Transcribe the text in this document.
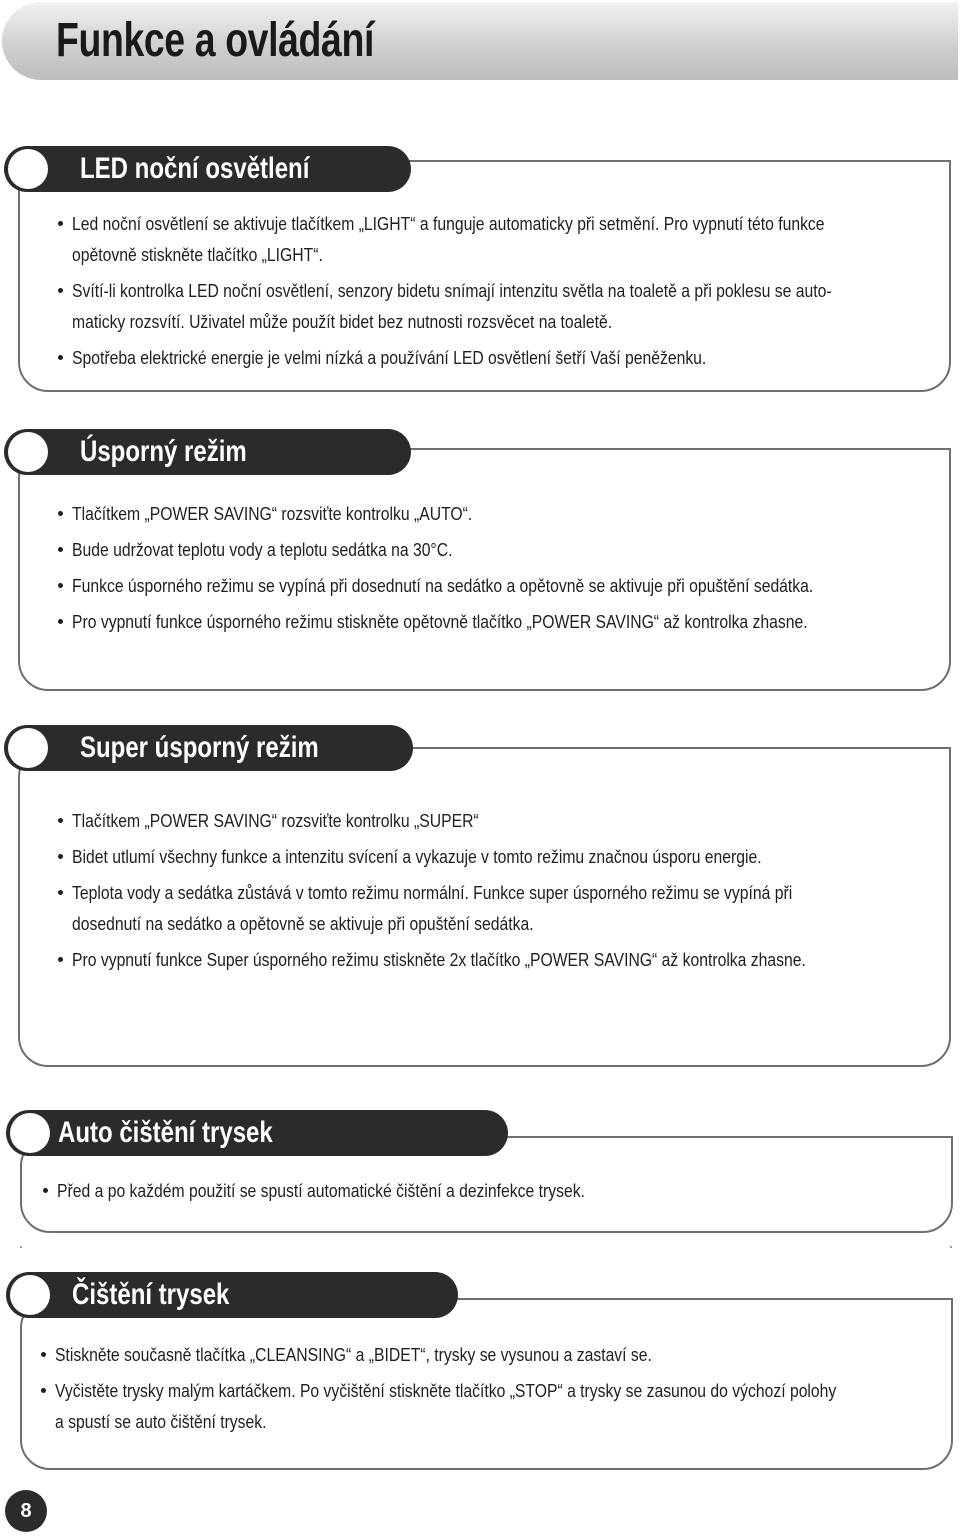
Funkce a ovládání
LED noční osvětlení
Led noční osvětlení se aktivuje tlačítkem „LIGHT“ a funguje automaticky při setmění. Pro vypnutí této funkce
opětovně stiskněte tlačítko „LIGHT“.
Svítí-li kontrolka LED noční osvětlení, senzory bidetu snímají intenzitu světla na toaletě a při poklesu se auto-
maticky rozsvítí. Uživatel může použít bidet bez nutnosti rozsvěcet na toaletě.
Spotřeba elektrické energie je velmi nízká a používání LED osvětlení šetří Vaší peněženku.
Úsporný režim
Tlačítkem „POWER SAVING“ rozsviťte kontrolku „AUTO“.
Bude udržovat teplotu vody a teplotu sedátka na 30°C.
Funkce úsporného režimu se vypíná při dosednutí na sedátko a opětovně se aktivuje při opuštění sedátka.
Pro vypnutí funkce úsporného režimu stiskněte opětovně tlačítko „POWER SAVING“ až kontrolka zhasne.
Super úsporný režim
Tlačítkem „POWER SAVING“ rozsviťte kontrolku „SUPER“
Bidet utlumí všechny funkce a intenzitu svícení a vykazuje v tomto režimu značnou úsporu energie.
Teplota vody a sedátka zůstává v tomto režimu normální. Funkce super úsporného režimu se vypíná při
dosednutí na sedátko a opětovně se aktivuje při opuštění sedátka.
Pro vypnutí funkce Super úsporného režimu stiskněte 2x tlačítko „POWER SAVING“ až kontrolka zhasne.
Auto čištění trysek
Před a po každém použití se spustí automatické čištění a dezinfekce trysek.
Čištění trysek
Stiskněte současně tlačítka „CLEANSING“ a „BIDET“, trysky se vysunou a zastaví se.
Vyčistěte trysky malým kartáčkem. Po vyčištění stiskněte tlačítko „STOP“ a trysky se zasunou do výchozí polohy
a spustí se auto čištění trysek.
8
